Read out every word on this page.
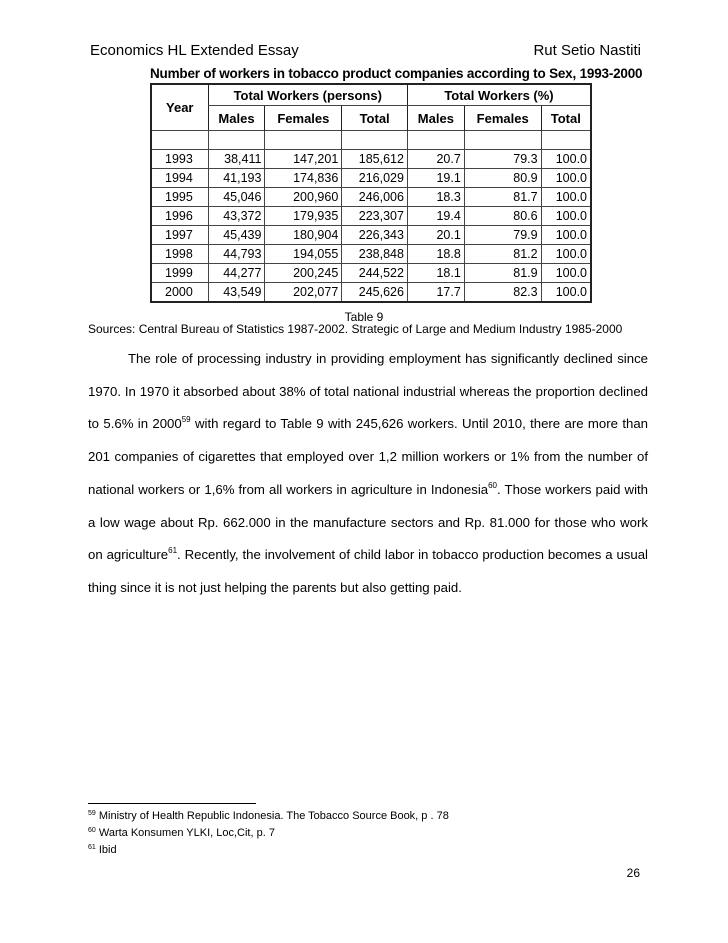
Economics HL Extended Essay	Rut Setio Nastiti
Number of workers in tobacco product companies according to Sex, 1993-2000
Year	Total Workers (persons)			Total Workers (%)		
	Males	Females	Total	Males	Females	Total

1993	38,411	147,201	185,612	20.7	79.3	100.0
1994	41,193	174,836	216,029	19.1	80.9	100.0
1995	45,046	200,960	246,006	18.3	81.7	100.0
1996	43,372	179,935	223,307	19.4	80.6	100.0
1997	45,439	180,904	226,343	20.1	79.9	100.0
1998	44,793	194,055	238,848	18.8	81.2	100.0
1999	44,277	200,245	244,522	18.1	81.9	100.0
2000	43,549	202,077	245,626	17.7	82.3	100.0
Table 9
Sources: Central Bureau of Statistics 1987-2002. Strategic of Large and Medium Industry 1985-2000

The role of processing industry in providing employment has significantly declined since 1970. In 1970 it absorbed about 38% of total national industrial whereas the proportion declined to 5.6% in 2000$^{59}$ with regard to Table 9 with 245,626 workers. Until 2010, there are more than 201 companies of cigarettes that employed over 1,2 million workers or 1% from the number of national workers or 1,6% from all workers in agriculture in Indonesia$^{60}$. Those workers paid with a low wage about Rp. 662.000 in the manufacture sectors and Rp. 81.000 for those who work on agriculture$^{61}$. Recently, the involvement of child labor in tobacco production becomes a usual thing since it is not just helping the parents but also getting paid.

$^{59}$ Ministry of Health Republic Indonesia. The Tobacco Source Book, p . 78
$^{60}$ Warta Konsumen YLKI, Loc,Cit, p. 7
$^{61}$ Ibid
26
